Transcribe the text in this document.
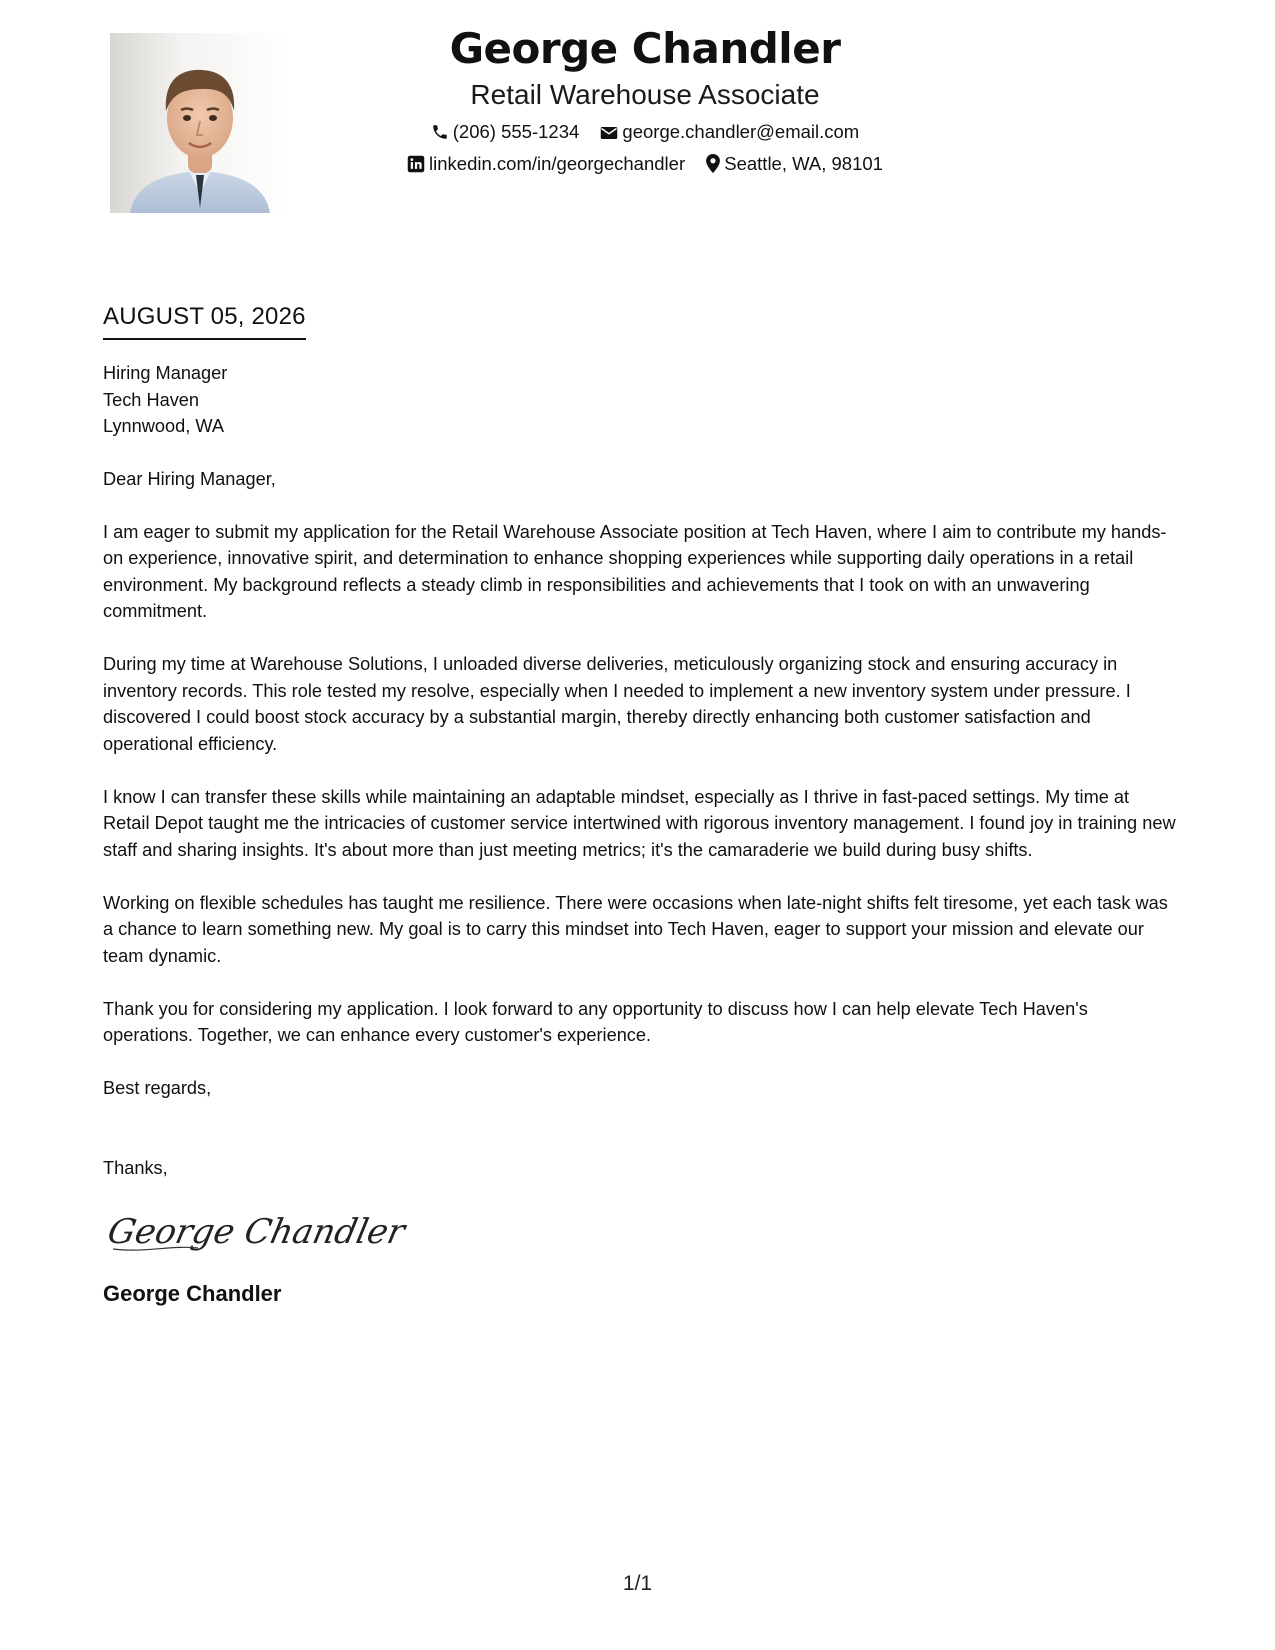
George Chandler
Retail Warehouse Associate
(206) 555-1234 george.chandler@email.com
linkedin.com/in/georgechandler Seattle, WA, 98101
AUGUST 05, 2026
Hiring Manager
Tech Haven
Lynnwood, WA

Dear Hiring Manager,

I am eager to submit my application for the Retail Warehouse Associate position at Tech Haven, where I aim to contribute my hands-on experience, innovative spirit, and determination to enhance shopping experiences while supporting daily operations in a retail environment. My background reflects a steady climb in responsibilities and achievements that I took on with an unwavering commitment.

During my time at Warehouse Solutions, I unloaded diverse deliveries, meticulously organizing stock and ensuring accuracy in inventory records. This role tested my resolve, especially when I needed to implement a new inventory system under pressure. I discovered I could boost stock accuracy by a substantial margin, thereby directly enhancing both customer satisfaction and operational efficiency.

I know I can transfer these skills while maintaining an adaptable mindset, especially as I thrive in fast-paced settings. My time at Retail Depot taught me the intricacies of customer service intertwined with rigorous inventory management. I found joy in training new staff and sharing insights. It's about more than just meeting metrics; it's the camaraderie we build during busy shifts.

Working on flexible schedules has taught me resilience. There were occasions when late-night shifts felt tiresome, yet each task was a chance to learn something new. My goal is to carry this mindset into Tech Haven, eager to support your mission and elevate our team dynamic.

Thank you for considering my application. I look forward to any opportunity to discuss how I can help elevate Tech Haven's operations. Together, we can enhance every customer's experience.

Best regards,

Thanks,

George Chandler
George Chandler
1/1
